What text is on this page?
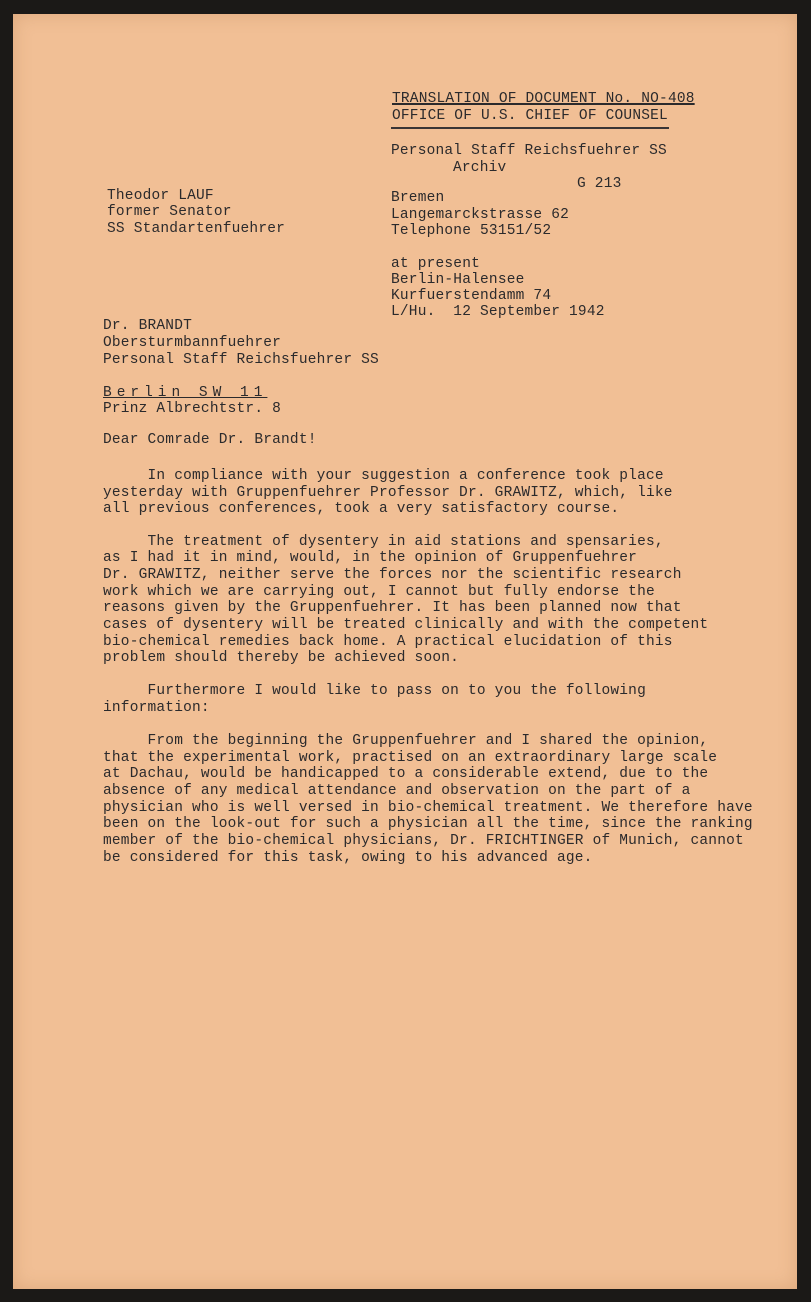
TRANSLATION OF DOCUMENT No. NO-408
OFFICE OF U.S. CHIEF OF COUNSEL
Personal Staff Reichsfuehrer SS
Archiv
G 213
Theodor LAUF
former Senator
SS Standartenfuehrer
Bremen
Langemarckstrasse 62
Telephone 53151/52
at present
Berlin-Halensee
Kurfuerstendamm 74
L/Hu.  12 September 1942
Dr. BRANDT
Obersturmbannfuehrer
Personal Staff Reichsfuehrer SS
Berlin SW 11
Prinz Albrechtstr. 8
Dear Comrade Dr. Brandt!
In compliance with your suggestion a conference took place
yesterday with Gruppenfuehrer Professor Dr. GRAWITZ, which, like
all previous conferences, took a very satisfactory course.
The treatment of dysentery in aid stations and spensaries,
as I had it in mind, would, in the opinion of Gruppenfuehrer
Dr. GRAWITZ, neither serve the forces nor the scientific research
work which we are carrying out, I cannot but fully endorse the
reasons given by the Gruppenfuehrer. It has been planned now that
cases of dysentery will be treated clinically and with the competent
bio-chemical remedies back home. A practical elucidation of this
problem should thereby be achieved soon.
Furthermore I would like to pass on to you the following
information:
From the beginning the Gruppenfuehrer and I shared the opinion,
that the experimental work, practised on an extraordinary large scale
at Dachau, would be handicapped to a considerable extend, due to the
absence of any medical attendance and observation on the part of a
physician who is well versed in bio-chemical treatment. We therefore have
been on the look-out for such a physician all the time, since the ranking
member of the bio-chemical physicians, Dr. FRICHTINGER of Munich, cannot
be considered for this task, owing to his advanced age.
